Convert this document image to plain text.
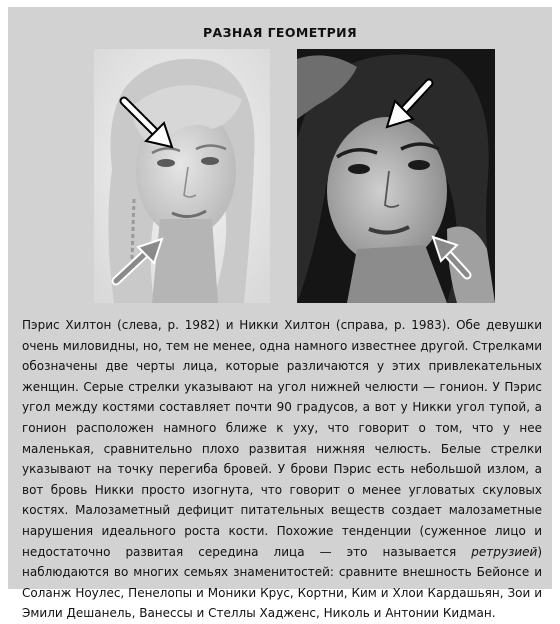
РАЗНАЯ ГЕОМЕТРИЯ

Пэрис Хилтон (слева, р. 1982) и Никки Хилтон (справа, р. 1983). Обе девушки очень миловидны, но, тем не менее, одна намного известнее другой. Стрелками обозначены две черты лица, которые различаются у этих привлекательных женщин. Серые стрелки указывают на угол нижней челюсти — гонион. У Пэрис угол между костями составляет почти 90 градусов, а вот у Никки угол тупой, а гонион расположен намного ближе к уху, что говорит о том, что у нее маленькая, сравнительно плохо развитая нижняя челюсть. Белые стрелки указывают на точку перегиба бровей. У брови Пэрис есть небольшой излом, а вот бровь Никки просто изогнута, что говорит о менее угловатых скуловых костях. Малозаметный дефицит питательных веществ создает малозаметные нарушения идеального роста кости. Похожие тенденции (суженное лицо и недостаточно развитая середина лица — это называется ретрузией) наблюдаются во многих семьях знаменитостей: сравните внешность Бейонсе и Соланж Ноулес, Пенелопы и Моники Крус, Кортни, Ким и Хлои Кардашьян, Зои и Эмили Дешанель, Ванессы и Стеллы Хадженс, Николь и Антонии Кидман.
